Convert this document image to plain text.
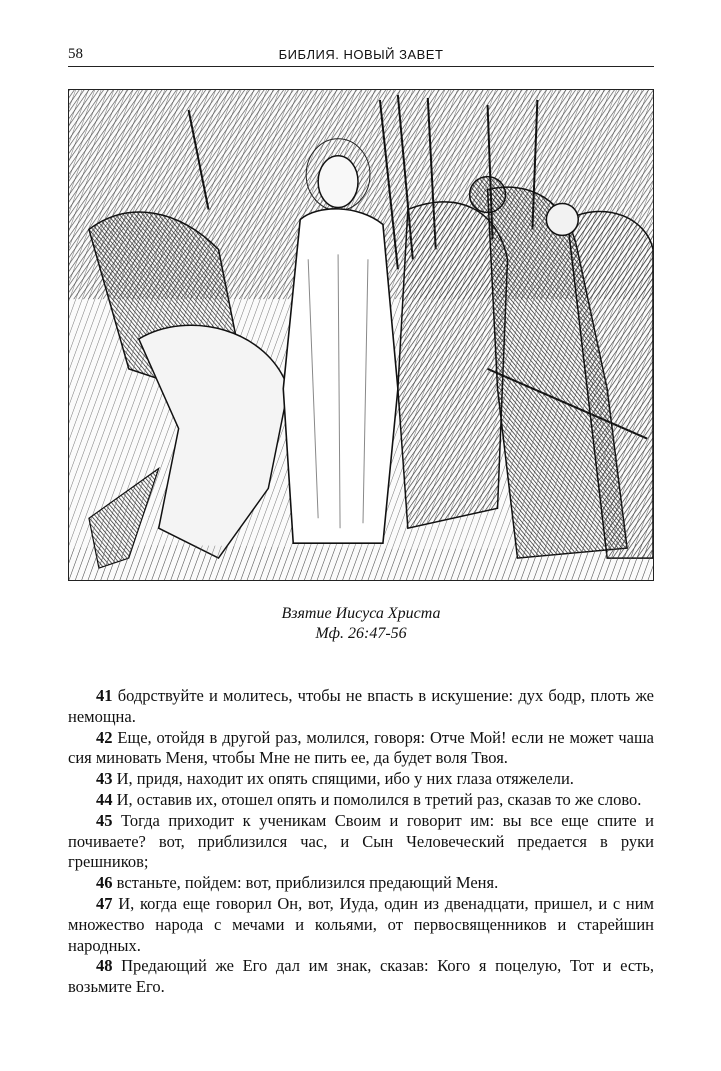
58	БИБЛИЯ. НОВЫЙ ЗАВЕТ
Взятие Иисуса Христа
Мф. 26:47-56

41 бодрствуйте и молитесь, чтобы не впасть в искушение: дух бодр, плоть же немощна.

42 Еще, отойдя в другой раз, молился, говоря: Отче Мой! если не может чаша сия миновать Меня, чтобы Мне не пить ее, да будет воля Твоя.

43 И, придя, находит их опять спящими, ибо у них глаза отяжелели.

44 И, оставив их, отошел опять и помолился в третий раз, сказав то же слово.

45 Тогда приходит к ученикам Своим и говорит им: вы все еще спите и почиваете? вот, приблизился час, и Сын Человеческий предается в руки грешников;

46 встаньте, пойдем: вот, приблизился предающий Меня.

47 И, когда еще говорил Он, вот, Иуда, один из двенадцати, пришел, и с ним множество народа с мечами и кольями, от первосвященников и старейшин народных.

48 Предающий же Его дал им знак, сказав: Кого я поцелую, Тот и есть, возьмите Его.
